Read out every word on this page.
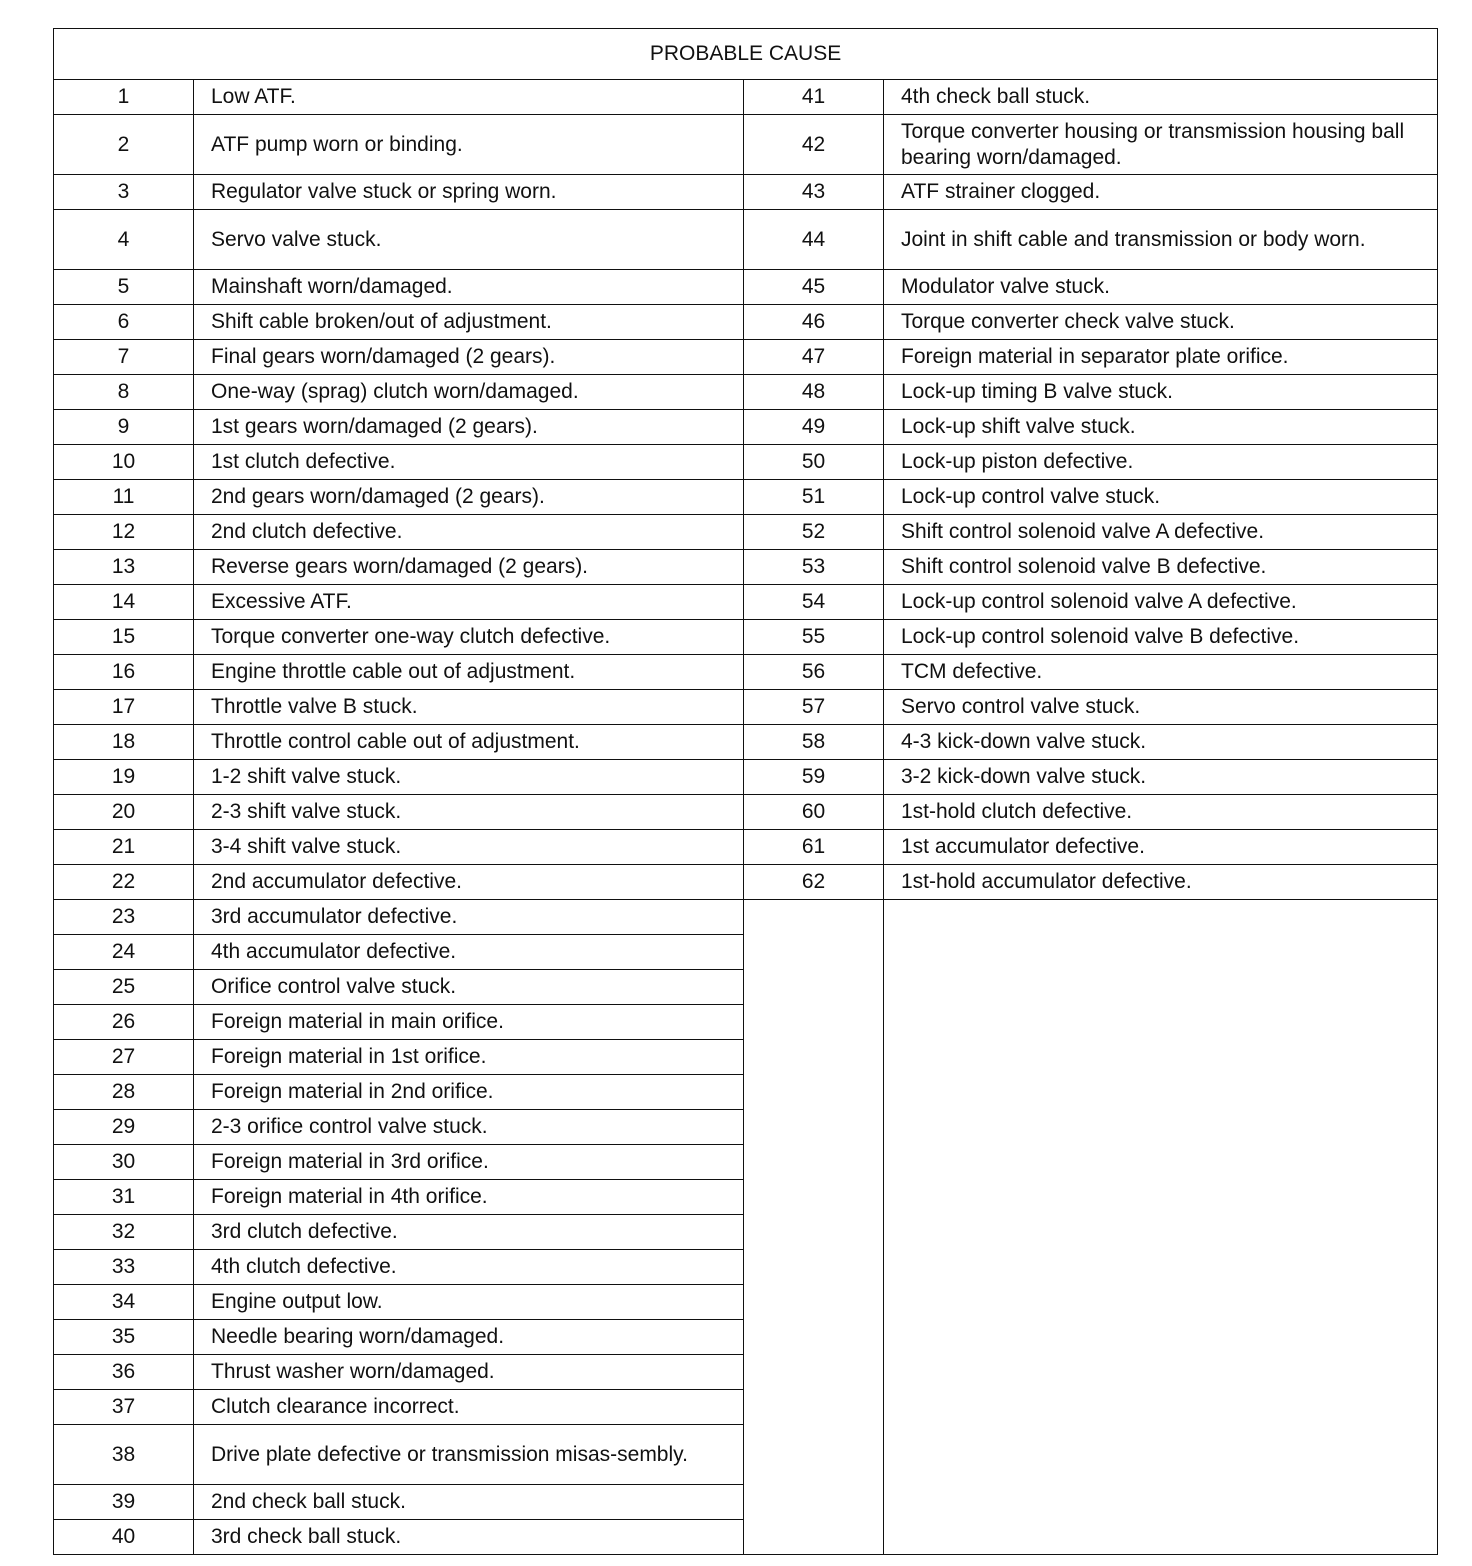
PROBABLE CAUSE			
1	Low ATF.	41	4th check ball stuck.
2	ATF pump worn or binding.	42	Torque converter housing or transmission housing ball bearing worn/damaged.
3	Regulator valve stuck or spring worn.	43	ATF strainer clogged.
4	Servo valve stuck.	44	Joint in shift cable and transmission or body worn.
5	Mainshaft worn/damaged.	45	Modulator valve stuck.
6	Shift cable broken/out of adjustment.	46	Torque converter check valve stuck.
7	Final gears worn/damaged (2 gears).	47	Foreign material in separator plate orifice.
8	One-way (sprag) clutch worn/damaged.	48	Lock-up timing B valve stuck.
9	1st gears worn/damaged (2 gears).	49	Lock-up shift valve stuck.
10	1st clutch defective.	50	Lock-up piston defective.
11	2nd gears worn/damaged (2 gears).	51	Lock-up control valve stuck.
12	2nd clutch defective.	52	Shift control solenoid valve A defective.
13	Reverse gears worn/damaged (2 gears).	53	Shift control solenoid valve B defective.
14	Excessive ATF.	54	Lock-up control solenoid valve A defective.
15	Torque converter one-way clutch defective.	55	Lock-up control solenoid valve B defective.
16	Engine throttle cable out of adjustment.	56	TCM defective.
17	Throttle valve B stuck.	57	Servo control valve stuck.
18	Throttle control cable out of adjustment.	58	4-3 kick-down valve stuck.
19	1-2 shift valve stuck.	59	3-2 kick-down valve stuck.
20	2-3 shift valve stuck.	60	1st-hold clutch defective.
21	3-4 shift valve stuck.	61	1st accumulator defective.
22	2nd accumulator defective.	62	1st-hold accumulator defective.
23	3rd accumulator defective.		
24	4th accumulator defective.		
25	Orifice control valve stuck.		
26	Foreign material in main orifice.		
27	Foreign material in 1st orifice.		
28	Foreign material in 2nd orifice.		
29	2-3 orifice control valve stuck.		
30	Foreign material in 3rd orifice.		
31	Foreign material in 4th orifice.		
32	3rd clutch defective.		
33	4th clutch defective.		
34	Engine output low.		
35	Needle bearing worn/damaged.		
36	Thrust washer worn/damaged.		
37	Clutch clearance incorrect.		
38	Drive plate defective or transmission misas-sembly.		
39	2nd check ball stuck.		
40	3rd check ball stuck.		
